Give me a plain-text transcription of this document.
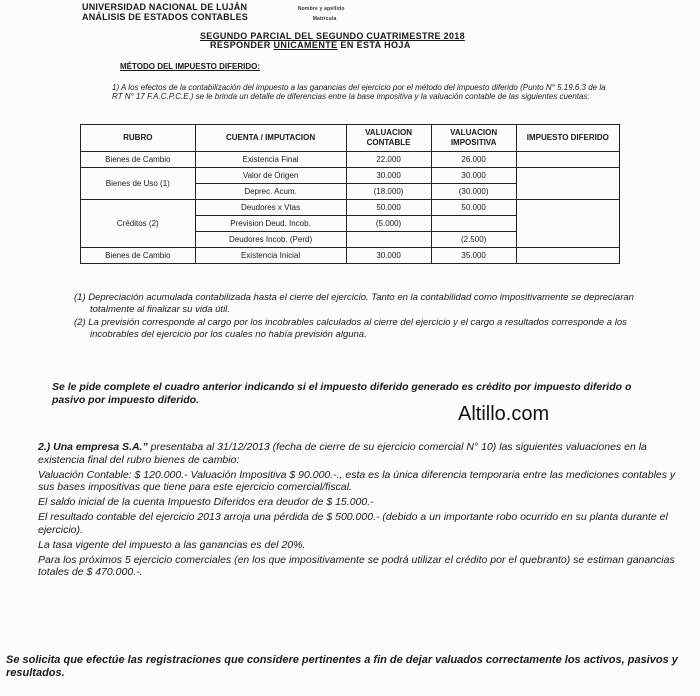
UNIVERSIDAD NACIONAL DE LUJÁN	Nombre y apellido
ANÁLISIS DE ESTADOS CONTABLES	Matrícula
SEGUNDO PARCIAL DEL SEGUNDO CUATRIMESTRE 2018
RESPONDER UNICAMENTE EN ESTA HOJA
MÉTODO DEL IMPUESTO DIFERIDO:
1) A los efectos de la contabilización del impuesto a las ganancias del ejercicio por el método del impuesto diferido (Punto N° 5.19.6.3 de la RT N° 17 F.A.C.P.C.E.) se le brinda un detalle de diferencias entre la base impositiva y la valuación contable de las siguientes cuentas:
RUBRO	CUENTA / IMPUTACION	VALUACION CONTABLE	VALUACION IMPOSITIVA	IMPUESTO DIFERIDO
Bienes de Cambio	Existencia Final	22.000	26.000	
Bienes de Uso (1)	Valor de Origen	30.000	30.000	
	Deprec. Acum.	(18.000)	(30.000)	
Créditos (2)	Deudores x Vtas	50.000	50.000	
	Prevision Deud. Incob.	(5.000)		
	Deudores Incob. (Perd)		(2.500)	
Bienes de Cambio	Existencia Inicial	30.000	35.000	

(1) Depreciación acumulada contabilizada hasta el cierre del ejercicio. Tanto en la contabilidad como impositivamente se depreciaran totalmente al finalizar su vida útil.

(2) La previsión corresponde al cargo por los incobrables calculados al cierre del ejercicio y el cargo a resultados corresponde a los incobrables del ejercicio por los cuales no había previsión alguna.

Se le pide complete el cuadro anterior indicando si el impuesto diferido generado es crédito por impuesto diferido o pasivo por impuesto diferido.
Altillo.com

2.) Una empresa S.A.” presentaba al 31/12/2013 (fecha de cierre de su ejercicio comercial N° 10) las siguientes valuaciones en la existencia final del rubro bienes de cambio:

Valuación Contable: $ 120.000.- Valuación Impositiva $ 90.000.-., esta es la única diferencia temporaria entre las mediciones contables y sus bases impositivas que tiene para este ejercicio comercial/fiscal.

El saldo inicial de la cuenta Impuesto Diferidos era deudor de $ 15.000.-

El resultado contable del ejercicio 2013 arroja una pérdida de $ 500.000.- (debido a un importante robo ocurrido en su planta durante el ejercicio).

La tasa vigente del impuesto a las ganancias es del 20%.

Para los próximos 5 ejercicio comerciales (en los que impositivamente se podrá utilizar el crédito por el quebranto) se estiman ganancias totales de $ 470.000.-.

Se solicita que efectúe las registraciones que considere pertinentes a fin de dejar valuados correctamente los activos, pasivos y resultados.
